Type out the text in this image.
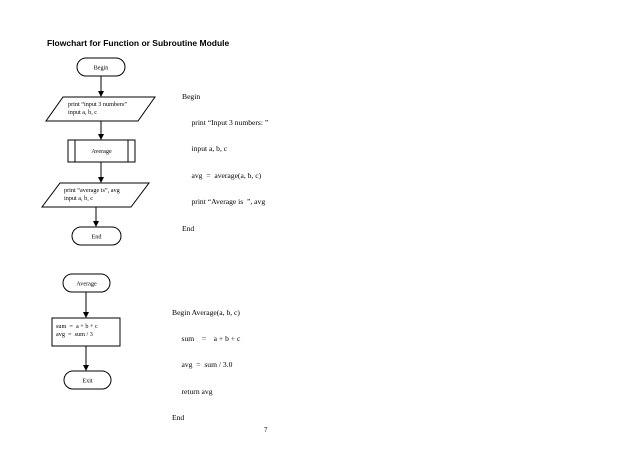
Flowchart for Function or Subroutine Module
Begin
print “input 3 numbers”
input a, b, c
Average
print “average is”, avg
input a, b, c
End
Average
sum  =  a + b + c
avg  =  sum / 3
Exit

Begin

print “Input 3 numbers: ”

input a, b, c

avg  =  average(a, b, c)

print “Average is  ”, avg

End

Begin Average(a, b, c)

sum    =    a + b + c

avg  =  sum / 3.0

return avg

End

7
